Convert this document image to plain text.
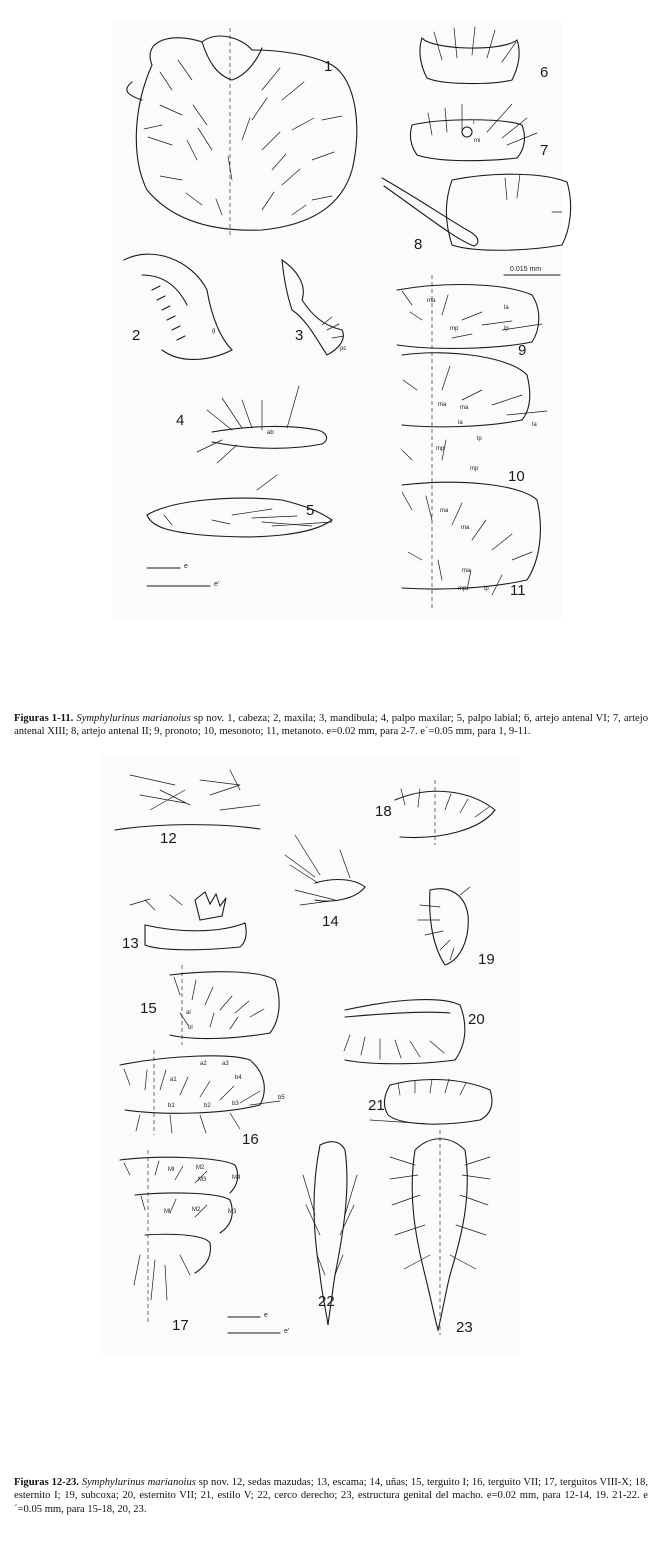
1
2	3
4
5
6
7
8
9
10
11
e
e'
0.015 mm
ma
la
mp	lp
ma ma
la	la
mp
lp
mp
ma
ma
ma
mp	lp
ab
T
mi
g
pc
Figuras 1-11. Symphylurinus marianoius sp nov. 1, cabeza; 2, maxila; 3, mandíbula; 4, palpo maxilar; 5, palpo labial; 6, artejo antenal VI; 7, artejo antenal XIII; 8, artejo antenal II; 9, pronoto; 10, mesonoto; 11, metanoto. e=0.02 mm, para 2-7. e´=0.05 mm, para 1, 9-11.
12
13
14
15
16
17
18
19
20
21
22
23
e
e'
al
bl
a1
a2	a3
b4
b5
b1	b2	b3
Ml	M2
M3	M4
Ml	M2	M3
Figuras 12-23. Symphylurinus marianoius sp nov. 12, sedas mazudas; 13, escama; 14, uñas; 15, terguito I; 16, terguito VII; 17, terguitos VIII-X; 18, esternito I; 19, subcoxa; 20, esternito VII; 21, estilo V; 22, cerco derecho; 23, estructura genital del macho. e=0.02 mm, para 12-14, 19. 21-22. e´=0.05 mm, para 15-18, 20, 23.
